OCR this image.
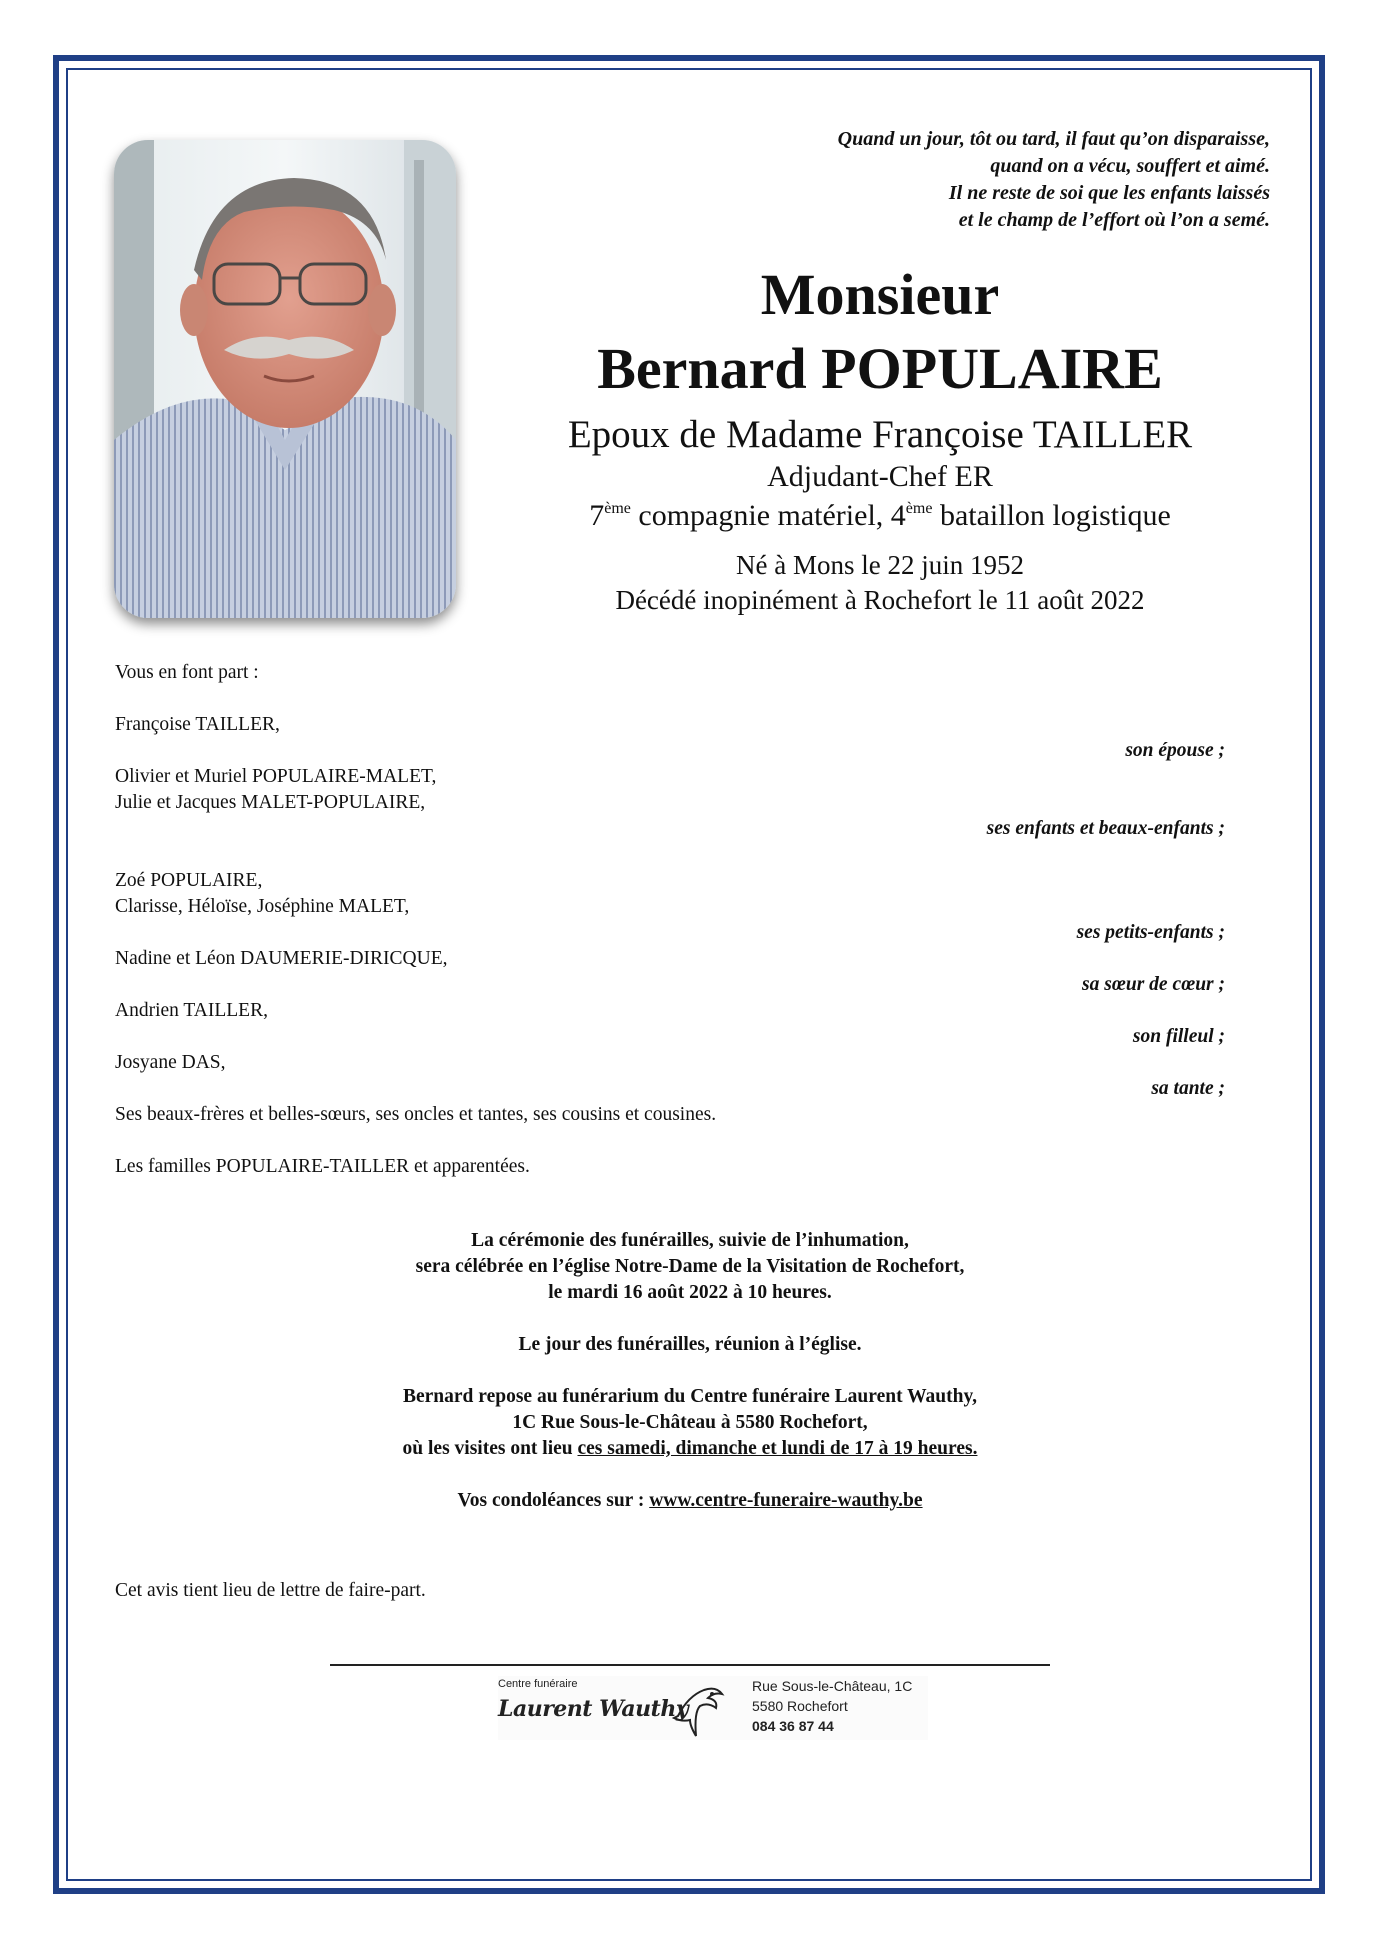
Quand un jour, tôt ou tard, il faut qu’on disparaisse,
quand on a vécu, souffert et aimé.
Il ne reste de soi que les enfants laissés
et le champ de l’effort où l’on a semé.
Monsieur
Bernard POPULAIRE
Epoux de Madame Françoise TAILLER
Adjudant-Chef ER
7ème compagnie matériel, 4ème bataillon logistique
Né à Mons le 22 juin 1952
Décédé inopinément à Rochefort le 11 août 2022
Vous en font part :
Françoise TAILLER,
son épouse ;
Olivier et Muriel POPULAIRE-MALET,
Julie et Jacques MALET-POPULAIRE,
ses enfants et beaux-enfants ;
Zoé POPULAIRE,
Clarisse, Héloïse, Joséphine MALET,
ses petits-enfants ;
Nadine et Léon DAUMERIE-DIRICQUE,
sa sœur de cœur ;
Andrien TAILLER,
son filleul ;
Josyane DAS,
sa tante ;
Ses beaux-frères et belles-sœurs, ses oncles et tantes, ses cousins et cousines.
Les familles POPULAIRE-TAILLER et apparentées.
La cérémonie des funérailles, suivie de l’inhumation,
sera célébrée en l’église Notre-Dame de la Visitation de Rochefort,
le mardi 16 août 2022 à 10 heures.
Le jour des funérailles, réunion à l’église.
Bernard repose au funérarium du Centre funéraire Laurent Wauthy,
1C Rue Sous-le-Château à 5580 Rochefort,
où les visites ont lieu ces samedi, dimanche et lundi de 17 à 19 heures.
Vos condoléances sur : www.centre-funeraire-wauthy.be
Cet avis tient lieu de lettre de faire-part.
Centre funéraire
Laurent Wauthy
Rue Sous-le-Château, 1C
5580 Rochefort
084 36 87 44
